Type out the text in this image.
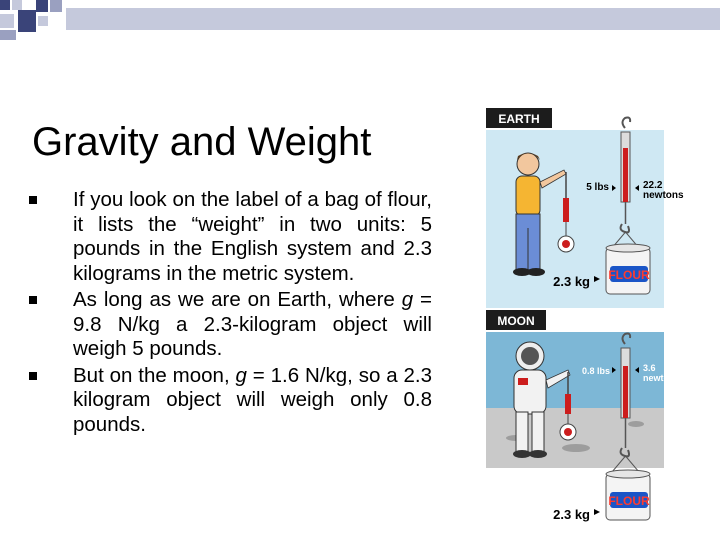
Gravity and Weight
If you look on the label of a bag of flour, it lists the “weight” in two units: 5 pounds in the English system and 2.3 kilograms in the metric system.
As long as we are on Earth, where g = 9.8 N/kg a 2.3‑kilogram object will weigh 5 pounds.
But on the moon, g = 1.6 N/kg, so a 2.3 kilogram object will weigh only 0.8 pounds.
EARTH
5 lbs	22.2
newtons
FLOUR
2.3 kg
MOON
0.8 lbs	3.6
newtons
FLOUR
2.3 kg
